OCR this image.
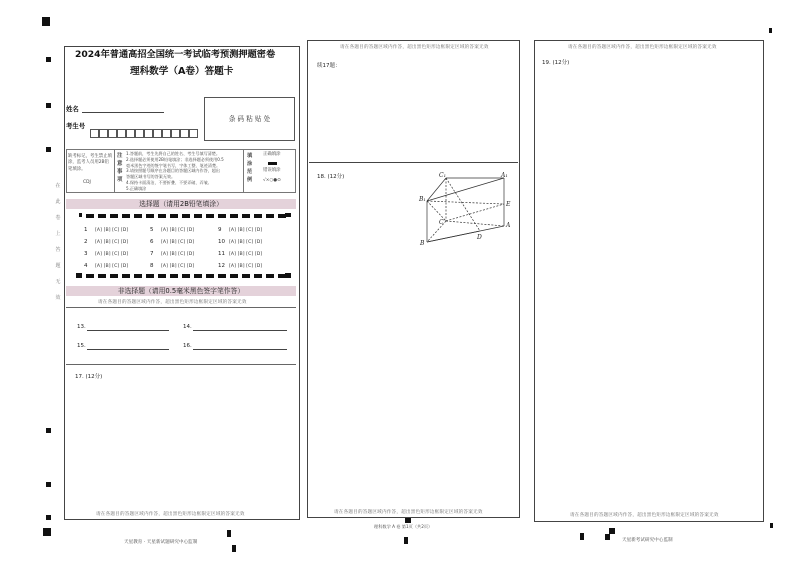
在此卷上答题无效
2024年普通高招全国统一考试临考预测押题密卷
理科数学（A卷）答题卡
姓名
考生号
条 码 粘 贴 处
缺考标记，考生禁止填涂，监考人员用2B铅笔填涂。
CDJ
注意事项
1.答题前，考生先将自己的姓名、考生号填写清楚。
2.选择题必须使用2B铅笔填涂；非选择题必须使用0.5
毫米黑色字迹的签字笔书写，字体工整、笔迹清楚。
3.请按照题号顺序在各题目的答题区域内作答，超出
答题区域书写的答案无效。
4.保持卡面清洁，不要折叠、不要弄破、弄皱。
5.正确填涂
填涂范例
正确填涂
错误填涂
√×○●⊙
选择题（请用2B铅笔填涂）
1 [A] [B] [C] [D]	5 [A] [B] [C] [D]	9 [A] [B] [C] [D]
2 [A] [B] [C] [D]	6 [A] [B] [C] [D]	10 [A] [B] [C] [D]
3 [A] [B] [C] [D]	7 [A] [B] [C] [D]	11 [A] [B] [C] [D]
4 [A] [B] [C] [D]	8 [A] [B] [C] [D]	12 [A] [B] [C] [D]
非选择题（请用0.5毫米黑色签字笔作答）
请在各题目的答题区域内作答，超出黑色矩形边框限定区域的答案无效
13.	14.
15.	16.
17. (12分)
请在各题目的答题区域内作答，超出黑色矩形边框限定区域的答案无效
天星教育 · 天星新试题研究中心监制
请在各题目的答题区域内作答，超出黑色矩形边框限定区域的答案无效
续17题：
18. (12分)	C₁	A₁
B₁
E
A
C
B
D
请在各题目的答题区域内作答，超出黑色矩形边框限定区域的答案无效
理科数学 A 卷 第1页（共2页）
请在各题目的答题区域内作答，超出黑色矩形边框限定区域的答案无效
19. (12分)
请在各题目的答题区域内作答，超出黑色矩形边框限定区域的答案无效
天星新考试研究中心监制
